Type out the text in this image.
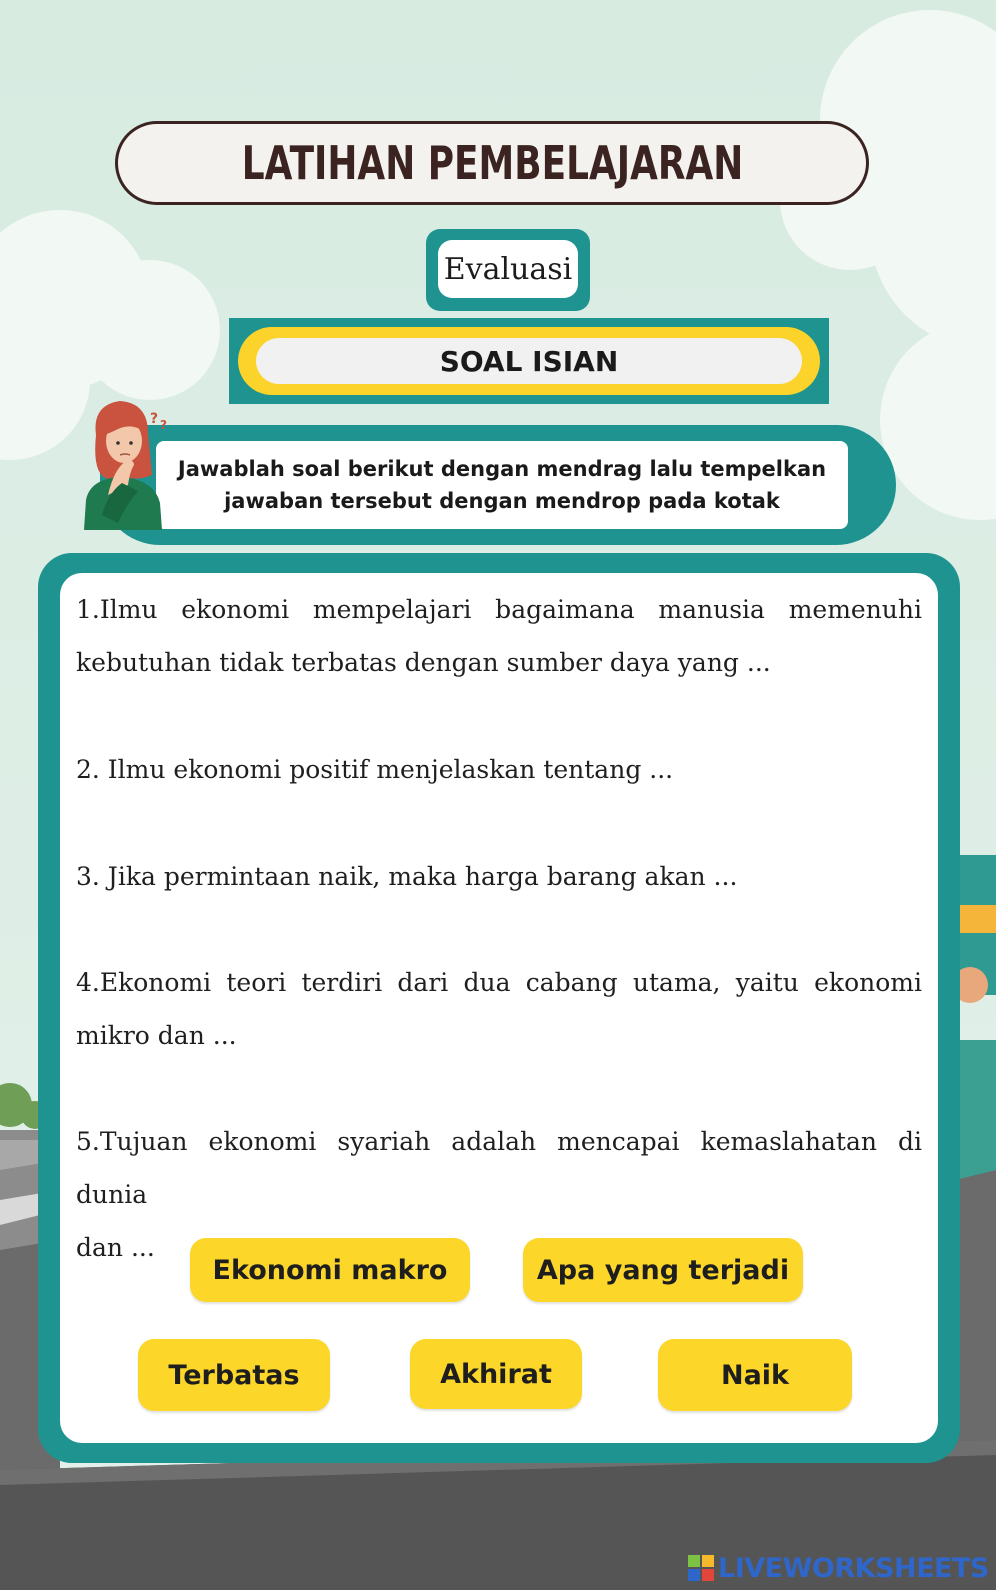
LATIHAN PEMBELAJARAN
Evaluasi
SOAL ISIAN
Jawablah soal berikut dengan mendrag lalu tempelkan
jawaban tersebut dengan mendrop pada kotak
? ?
1.Ilmu ekonomi mempelajari bagaimana manusia memenuhi
kebutuhan tidak terbatas dengan sumber daya yang ...
2. Ilmu ekonomi positif menjelaskan tentang ...
3. Jika permintaan naik, maka harga barang akan ...
4.Ekonomi teori terdiri dari dua cabang utama, yaitu ekonomi
mikro dan ...
5.Tujuan ekonomi syariah adalah mencapai kemaslahatan di dunia
dan ...
Ekonomi makro	Apa yang terjadi
Terbatas	Akhirat	Naik
LIVEWORKSHEETS
